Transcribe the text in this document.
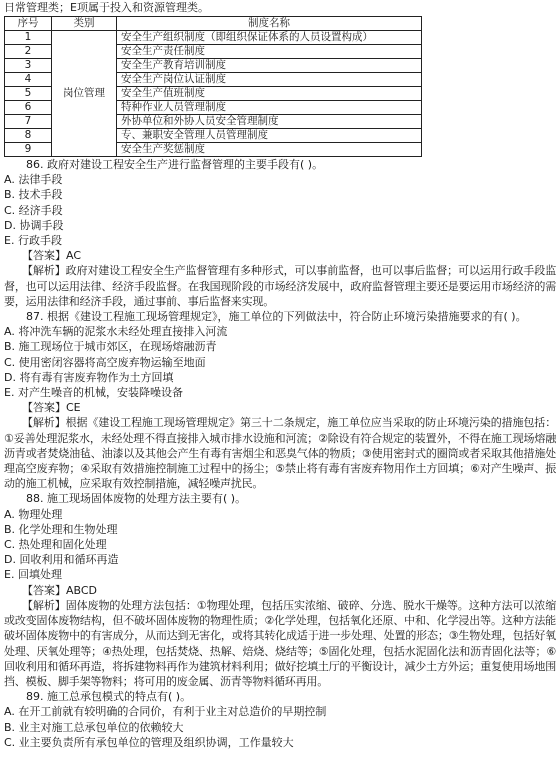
日常管理类；E项属于投入和资源管理类。
序号	类别	制度名称
1	岗位管理	安全生产组织制度（即组织保证体系的人员设置构成）
2		安全生产责任制度
3		安全生产教育培训制度
4		安全生产岗位认证制度
5		安全生产值班制度
6		特种作业人员管理制度
7		外协单位和外协人员安全管理制度
8		专、兼职安全管理人员管理制度
9		安全生产奖惩制度
86. 政府对建设工程安全生产进行监督管理的主要手段有( )。
A. 法律手段
B. 技术手段
C. 经济手段
D. 协调手段
E. 行政手段
【答案】AC
【解析】政府对建设工程安全生产监督管理有多种形式，可以事前监督，也可以事后监督；可以运用行政手段监督，也可以运用法律、经济手段监督。在我国现阶段的市场经济发展中，政府监督管理主要还是要运用市场经济的需要，运用法律和经济手段，通过事前、事后监督来实现。
87. 根据《建设工程施工现场管理规定》，施工单位的下列做法中，符合防止环境污染措施要求的有( )。
A. 将冲洗车辆的泥浆水未经处理直接排入河流
B. 施工现场位于城市郊区，在现场熔融沥青
C. 使用密闭容器将高空废弃物运输至地面
D. 将有毒有害废弃物作为土方回填
E. 对产生噪音的机械，安装降噪设备
【答案】CE
【解析】根据《建设工程施工现场管理规定》第三十二条规定，施工单位应当采取的防止环境污染的措施包括：①妥善处理泥浆水，未经处理不得直接排入城市排水设施和河流；②除设有符合规定的装置外，不得在施工现场熔融沥青或者焚烧油毡、油漆以及其他会产生有毒有害烟尘和恶臭气体的物质；③使用密封式的圈筒或者采取其他措施处理高空废弃物；④采取有效措施控制施工过程中的扬尘；⑤禁止将有毒有害废弃物用作土方回填；⑥对产生噪声、振动的施工机械，应采取有效控制措施，减轻噪声扰民。
88. 施工现场固体废物的处理方法主要有( )。
A. 物理处理
B. 化学处理和生物处理
C. 热处理和固化处理
D. 回收利用和循环再造
E. 回填处理
【答案】ABCD
【解析】固体废物的处理方法包括：①物理处理，包括压实浓缩、破碎、分选、脱水干燥等。这种方法可以浓缩或改变固体废物结构，但不破坏固体废物的物理性质；②化学处理，包括氧化还原、中和、化学浸出等。这种方法能破坏固体废物中的有害成分，从而达到无害化，或将其转化成适于进一步处理、处置的形态；③生物处理，包括好氧处理、厌氧处理等；④热处理，包括焚烧、热解、焙烧、烧结等；⑤固化处理，包括水泥固化法和沥青固化法等；⑥回收利用和循环再造，将拆建物料再作为建筑材料利用；做好挖填土厅的平衡设计，减少土方外运；重复使用场地围挡、模板、脚手架等物料；将可用的废金属、沥青等物料循环再用。
89. 施工总承包模式的特点有( )。
A. 在开工前就有较明确的合同价，有利于业主对总造价的早期控制
B. 业主对施工总承包单位的依赖较大
C. 业主要负责所有承包单位的管理及组织协调，工作量较大
